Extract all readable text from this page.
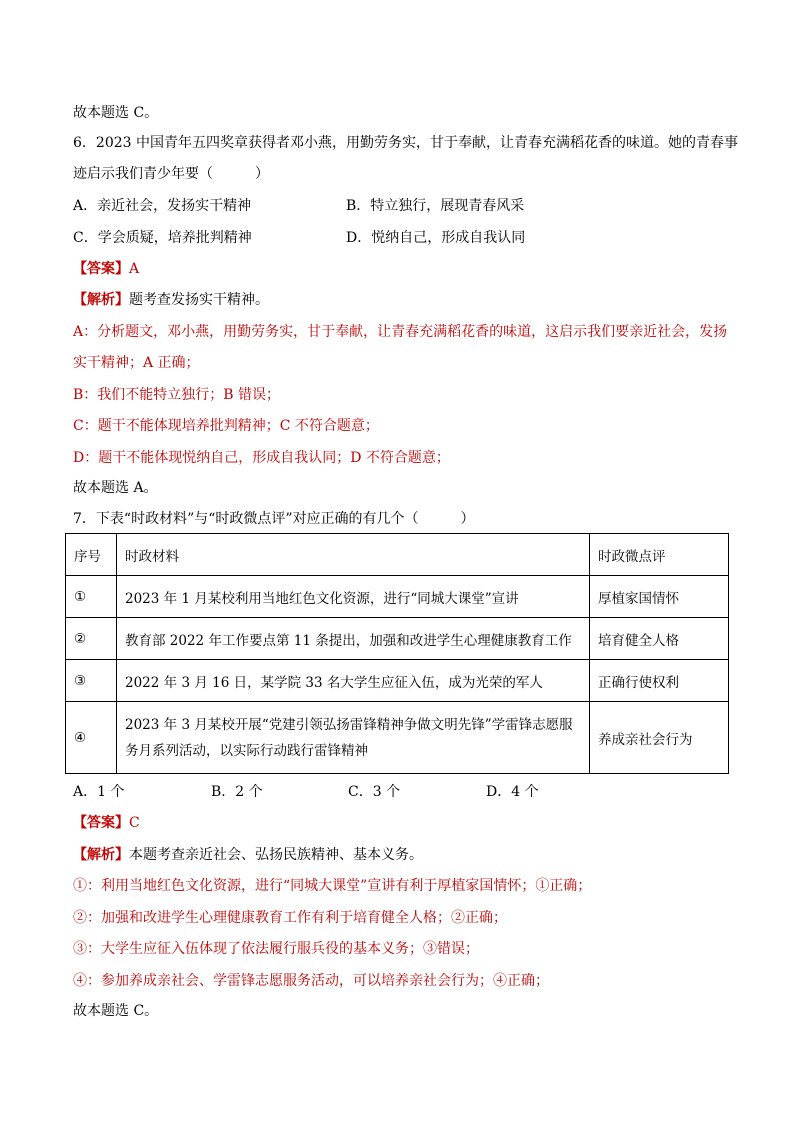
故本题选 C。
6．2023 中国青年五四奖章获得者邓小燕，用勤劳务实，甘于奉献，让青春充满稻花香的味道。她的青春事
迹启示我们青少年要（　　　）
A．亲近社会，发扬实干精神	B．特立独行，展现青春风采
C．学会质疑，培养批判精神	D．悦纳自己，形成自我认同
【答案】A
【解析】题考查发扬实干精神。
A：分析题文，邓小燕，用勤劳务实，甘于奉献，让青春充满稻花香的味道，这启示我们要亲近社会，发扬
实干精神；A 正确；
B：我们不能特立独行；B 错误；
C：题干不能体现培养批判精神；C 不符合题意；
D：题干不能体现悦纳自己，形成自我认同；D 不符合题意；
故本题选 A。
7．下表“时政材料”与“时政微点评”对应正确的有几个（　　　）
序号	时政材料	时政微点评
①	2023 年 1 月某校利用当地红色文化资源，进行“同城大课堂”宣讲	厚植家国情怀
②	教育部 2022 年工作要点第 11 条提出，加强和改进学生心理健康教育工作	培育健全人格
③	2022 年 3 月 16 日，某学院 33 名大学生应征入伍，成为光荣的军人	正确行使权利
④	2023 年 3 月某校开展“党建引领弘扬雷锋精神争做文明先锋”学雷锋志愿服
务月系列活动，以实际行动践行雷锋精神	养成亲社会行为
A．1 个	B．2 个	C．3 个	D．4 个
【答案】C
【解析】本题考查亲近社会、弘扬民族精神、基本义务。
①：利用当地红色文化资源，进行“同城大课堂”宣讲有利于厚植家国情怀；①正确；
②：加强和改进学生心理健康教育工作有利于培育健全人格；②正确；
③：大学生应征入伍体现了依法履行服兵役的基本义务；③错误；
④：参加养成亲社会、学雷锋志愿服务活动，可以培养亲社会行为；④正确；
故本题选 C。
